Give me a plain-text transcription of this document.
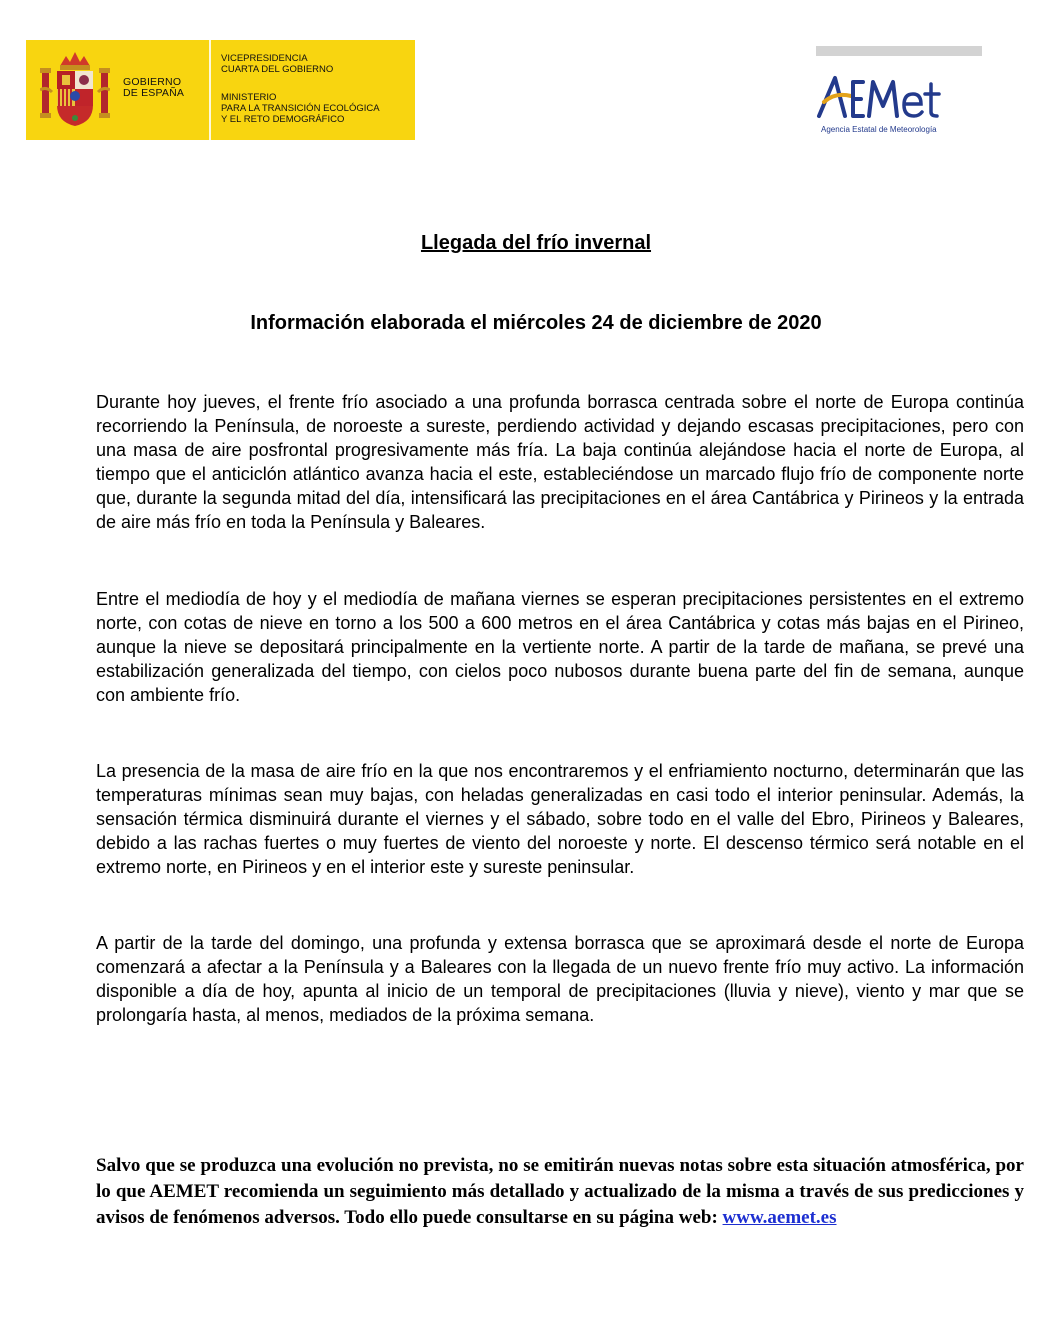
GOBIERNO
DE ESPAÑA
VICEPRESIDENCIA
CUARTA DEL GOBIERNO
MINISTERIO
PARA LA TRANSICIÓN ECOLÓGICA
Y EL RETO DEMOGRÁFICO
Agencia Estatal de Meteorología
Llegada del frío invernal
Información elaborada el miércoles 24 de diciembre de 2020

Durante hoy jueves, el frente frío asociado a una profunda borrasca centrada sobre el norte de Europa continúa recorriendo la Península, de noroeste a sureste, perdiendo actividad y dejando escasas precipitaciones, pero con una masa de aire posfrontal progresivamente más fría. La baja continúa alejándose hacia el norte de Europa, al tiempo que el anticiclón atlántico avanza hacia el este, estableciéndose un marcado flujo frío de componente norte que, durante la segunda mitad del día, intensificará las precipitaciones en el área Cantábrica y Pirineos y la entrada de aire más frío en toda la Península y Baleares.

Entre el mediodía de hoy y el mediodía de mañana viernes se esperan precipitaciones persistentes en el extremo norte, con cotas de nieve en torno a los 500 a 600 metros en el área Cantábrica y cotas más bajas en el Pirineo, aunque la nieve se depositará principalmente en la vertiente norte. A partir de la tarde de mañana, se prevé una estabilización generalizada del tiempo, con cielos poco nubosos durante buena parte del fin de semana, aunque con ambiente frío.

La presencia de la masa de aire frío en la que nos encontraremos y el enfriamiento nocturno, determinarán que las temperaturas mínimas sean muy bajas, con heladas generalizadas en casi todo el interior peninsular. Además, la sensación térmica disminuirá durante el viernes y el sábado, sobre todo en el valle del Ebro, Pirineos y Baleares, debido a las rachas fuertes o muy fuertes de viento del noroeste y norte. El descenso térmico será notable en el extremo norte, en Pirineos y en el interior este y sureste peninsular.

A partir de la tarde del domingo, una profunda y extensa borrasca que se aproximará desde el norte de Europa comenzará a afectar a la Península y a Baleares con la llegada de un nuevo frente frío muy activo. La información disponible a día de hoy, apunta al inicio de un temporal de precipitaciones (lluvia y nieve), viento y mar que se prolongaría hasta, al menos, mediados de la próxima semana.

Salvo que se produzca una evolución no prevista, no se emitirán nuevas notas sobre esta situación atmosférica, por lo que AEMET recomienda un seguimiento más detallado y actualizado de la misma a través de sus predicciones y avisos de fenómenos adversos. Todo ello puede consultarse en su página web: www.aemet.es
